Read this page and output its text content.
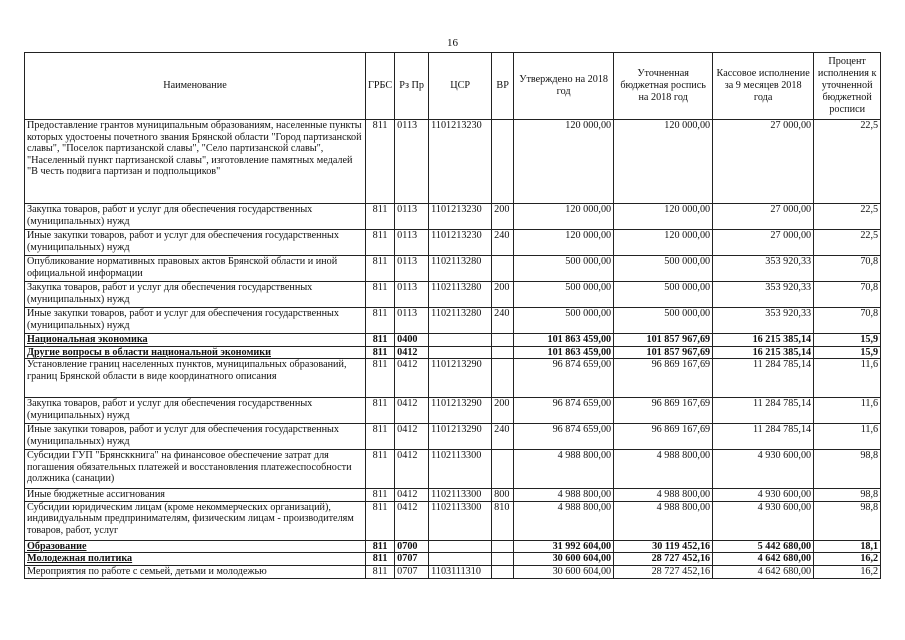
16
Наименование	ГРБС	Рз Пр	ЦСР	ВР	Утверждено на 2018 год	Уточненная бюджетная роспись на 2018 год	Кассовое исполнение за 9 месяцев 2018 года	Процент исполнения к уточненной бюджетной росписи
Предоставление грантов муниципальным образованиям, населенные пункты которых удостоены почетного звания Брянской области "Город партизанской славы", "Поселок партизанской славы", "Село партизанской славы", "Населенный пункт партизанской славы", изготовление памятных медалей "В честь подвига партизан и подпольщиков"	811	0113	1101213230		120 000,00	120 000,00	27 000,00	22,5
Закупка товаров, работ и услуг для обеспечения государственных (муниципальных) нужд	811	0113	1101213230	200	120 000,00	120 000,00	27 000,00	22,5
Иные закупки товаров, работ и услуг для обеспечения государственных (муниципальных) нужд	811	0113	1101213230	240	120 000,00	120 000,00	27 000,00	22,5
Опубликование нормативных правовых актов Брянской области и иной официальной информации	811	0113	1102113280		500 000,00	500 000,00	353 920,33	70,8
Закупка товаров, работ и услуг для обеспечения государственных (муниципальных) нужд	811	0113	1102113280	200	500 000,00	500 000,00	353 920,33	70,8
Иные закупки товаров, работ и услуг для обеспечения государственных (муниципальных) нужд	811	0113	1102113280	240	500 000,00	500 000,00	353 920,33	70,8
Национальная экономика	811	0400			101 863 459,00	101 857 967,69	16 215 385,14	15,9
Другие вопросы в области национальной экономики	811	0412			101 863 459,00	101 857 967,69	16 215 385,14	15,9
Установление границ населенных пунктов, муниципальных образований, границ Брянской области в виде координатного описания	811	0412	1101213290		96 874 659,00	96 869 167,69	11 284 785,14	11,6
Закупка товаров, работ и услуг для обеспечения государственных (муниципальных) нужд	811	0412	1101213290	200	96 874 659,00	96 869 167,69	11 284 785,14	11,6
Иные закупки товаров, работ и услуг для обеспечения государственных (муниципальных) нужд	811	0412	1101213290	240	96 874 659,00	96 869 167,69	11 284 785,14	11,6
Субсидии ГУП "Брянсккнига" на финансовое обеспечение затрат для погашения обязательных платежей и восстановления платежеспособности должника (санации)	811	0412	1102113300		4 988 800,00	4 988 800,00	4 930 600,00	98,8
Иные бюджетные ассигнования	811	0412	1102113300	800	4 988 800,00	4 988 800,00	4 930 600,00	98,8
Субсидии юридическим лицам (кроме некоммерческих организаций), индивидуальным предпринимателям, физическим лицам - производителям товаров, работ, услуг	811	0412	1102113300	810	4 988 800,00	4 988 800,00	4 930 600,00	98,8
Образование	811	0700			31 992 604,00	30 119 452,16	5 442 680,00	18,1
Молодежная политика	811	0707			30 600 604,00	28 727 452,16	4 642 680,00	16,2
Мероприятия по работе с семьей, детьми и молодежью	811	0707	1103111310		30 600 604,00	28 727 452,16	4 642 680,00	16,2
